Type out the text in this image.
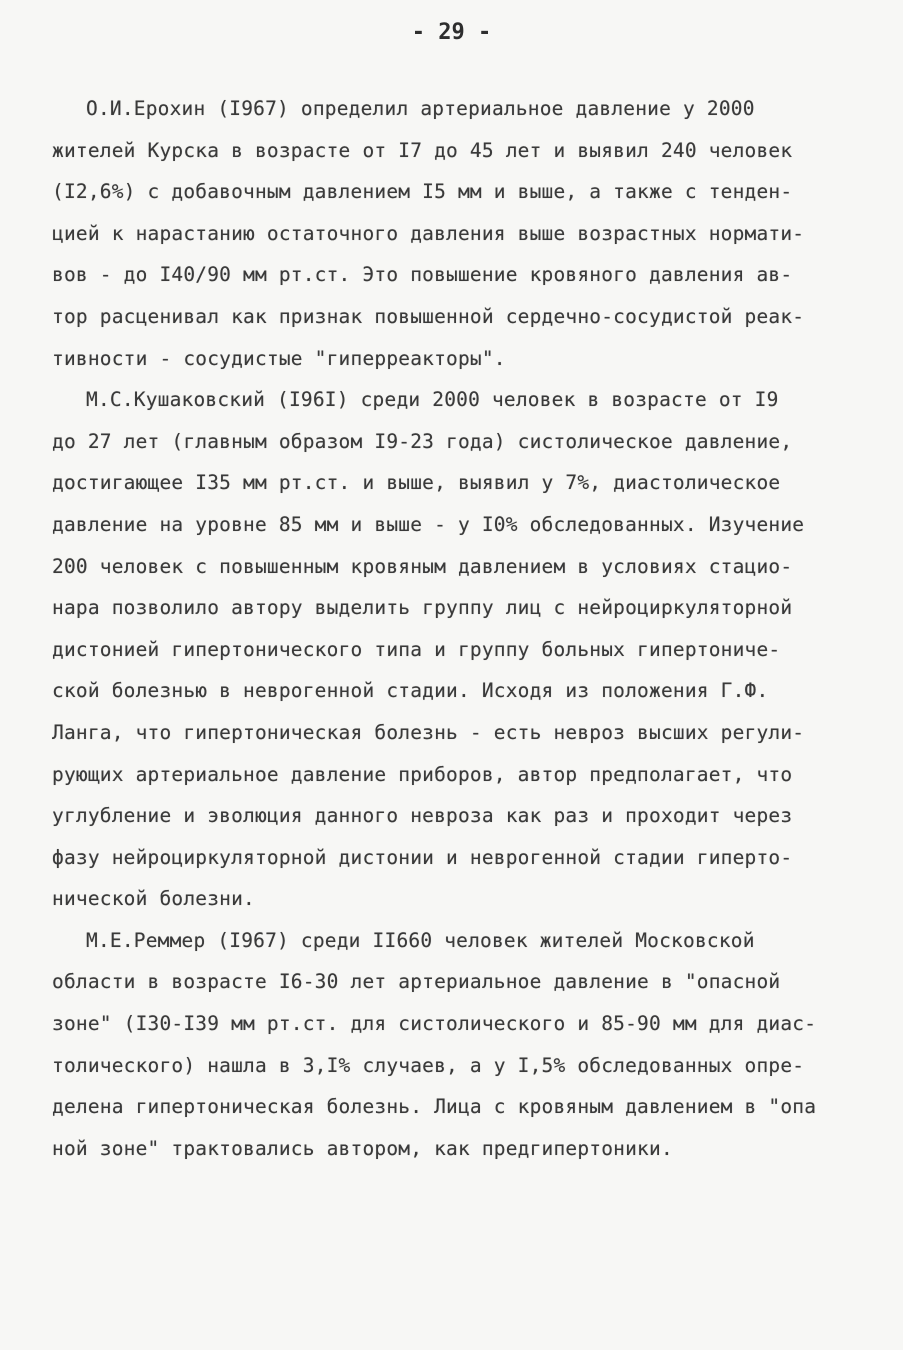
- 29 -
О.И.Ерохин (I967) определил артериальное давление у 2000
жителей Курска в возрасте от I7 до 45 лет и выявил 240 человек
(I2,6%) с добавочным давлением I5 мм и выше, а также с тенден-
цией к нарастанию остаточного давления выше возрастных нормати-
вов - до I40/90 мм рт.ст. Это повышение кровяного давления ав-
тор расценивал как признак повышенной сердечно-сосудистой реак-
тивности - сосудистые "гиперреакторы".
М.С.Кушаковский (I96I) среди 2000 человек в возрасте от I9
до 27 лет (главным образом I9-23 года) систолическое давление,
достигающее I35 мм рт.ст. и выше, выявил у 7%, диастолическое
давление на уровне 85 мм и выше - у I0% обследованных. Изучение
200 человек с повышенным кровяным давлением в условиях стацио-
нара позволило автору выделить группу лиц с нейроциркуляторной
дистонией гипертонического типа и группу больных гипертониче-
ской болезнью в неврогенной стадии. Исходя из положения Г.Ф.
Ланга, что гипертоническая болезнь - есть невроз высших регули-
рующих артериальное давление приборов, автор предполагает, что
углубление и эволюция данного невроза как раз и проходит через
фазу нейроциркуляторной дистонии и неврогенной стадии гиперто-
нической болезни.
М.Е.Реммер (I967) среди II660 человек жителей Московской
области в возрасте I6-30 лет артериальное давление в "опасной
зоне" (I30-I39 мм рт.ст. для систолического и 85-90 мм для диас-
толического) нашла в 3,I% случаев, а у I,5% обследованных опре-
делена гипертоническая болезнь. Лица с кровяным давлением в "опа
ной зоне" трактовались автором, как предгипертоники.
